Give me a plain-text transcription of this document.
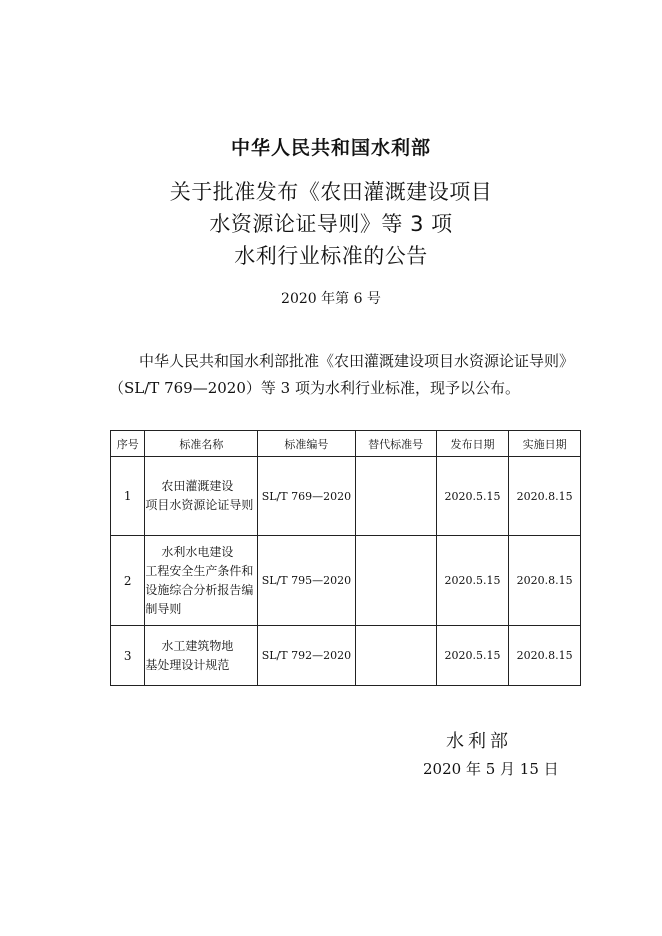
中华人民共和国水利部
关于批准发布《农田灌溉建设项目
水资源论证导则》等 3 项
水利行业标准的公告
2020 年第 6 号
中华人民共和国水利部批准《农田灌溉建设项目水资源论证导则》（SL/T 769—2020）等 3 项为水利行业标准，现予以公布。
序号	标准名称	标准编号	替代标准号	发布日期	实施日期
1	农田灌溉建设
项目水资源论证导则	SL/T 769—2020		2020.5.15	2020.8.15
2	水利水电建设
工程安全生产条件和设施综合分析报告编制导则	SL/T 795—2020		2020.5.15	2020.8.15
3	水工建筑物地
基处理设计规范	SL/T 792—2020		2020.5.15	2020.8.15
水利部
2020 年 5 月 15 日
